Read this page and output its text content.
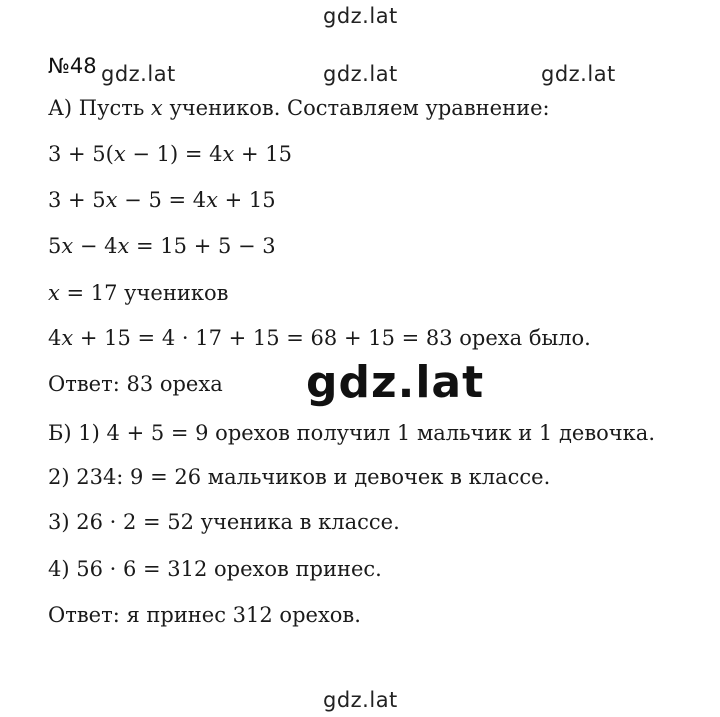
gdz.lat
№48 gdz.lat	gdz.lat	gdz.lat
А) Пусть 𝑥 учеников. Составляем уравнение:
3 + 5(𝑥 − 1) = 4𝑥 + 15
3 + 5𝑥 − 5 = 4𝑥 + 15
5𝑥 − 4𝑥 = 15 + 5 − 3
𝑥 = 17 учеников
4𝑥 + 15 = 4 · 17 + 15 = 68 + 15 = 83 ореха было.
Ответ: 83 ореха gdz.lat
Б) 1) 4 + 5 = 9 орехов получил 1 мальчик и 1 девочка.
2) 234: 9 = 26 мальчиков и девочек в классе.
3) 26 · 2 = 52 ученика в классе.
4) 56 · 6 = 312 орехов принес.
Ответ: я принес 312 орехов.
gdz.lat
